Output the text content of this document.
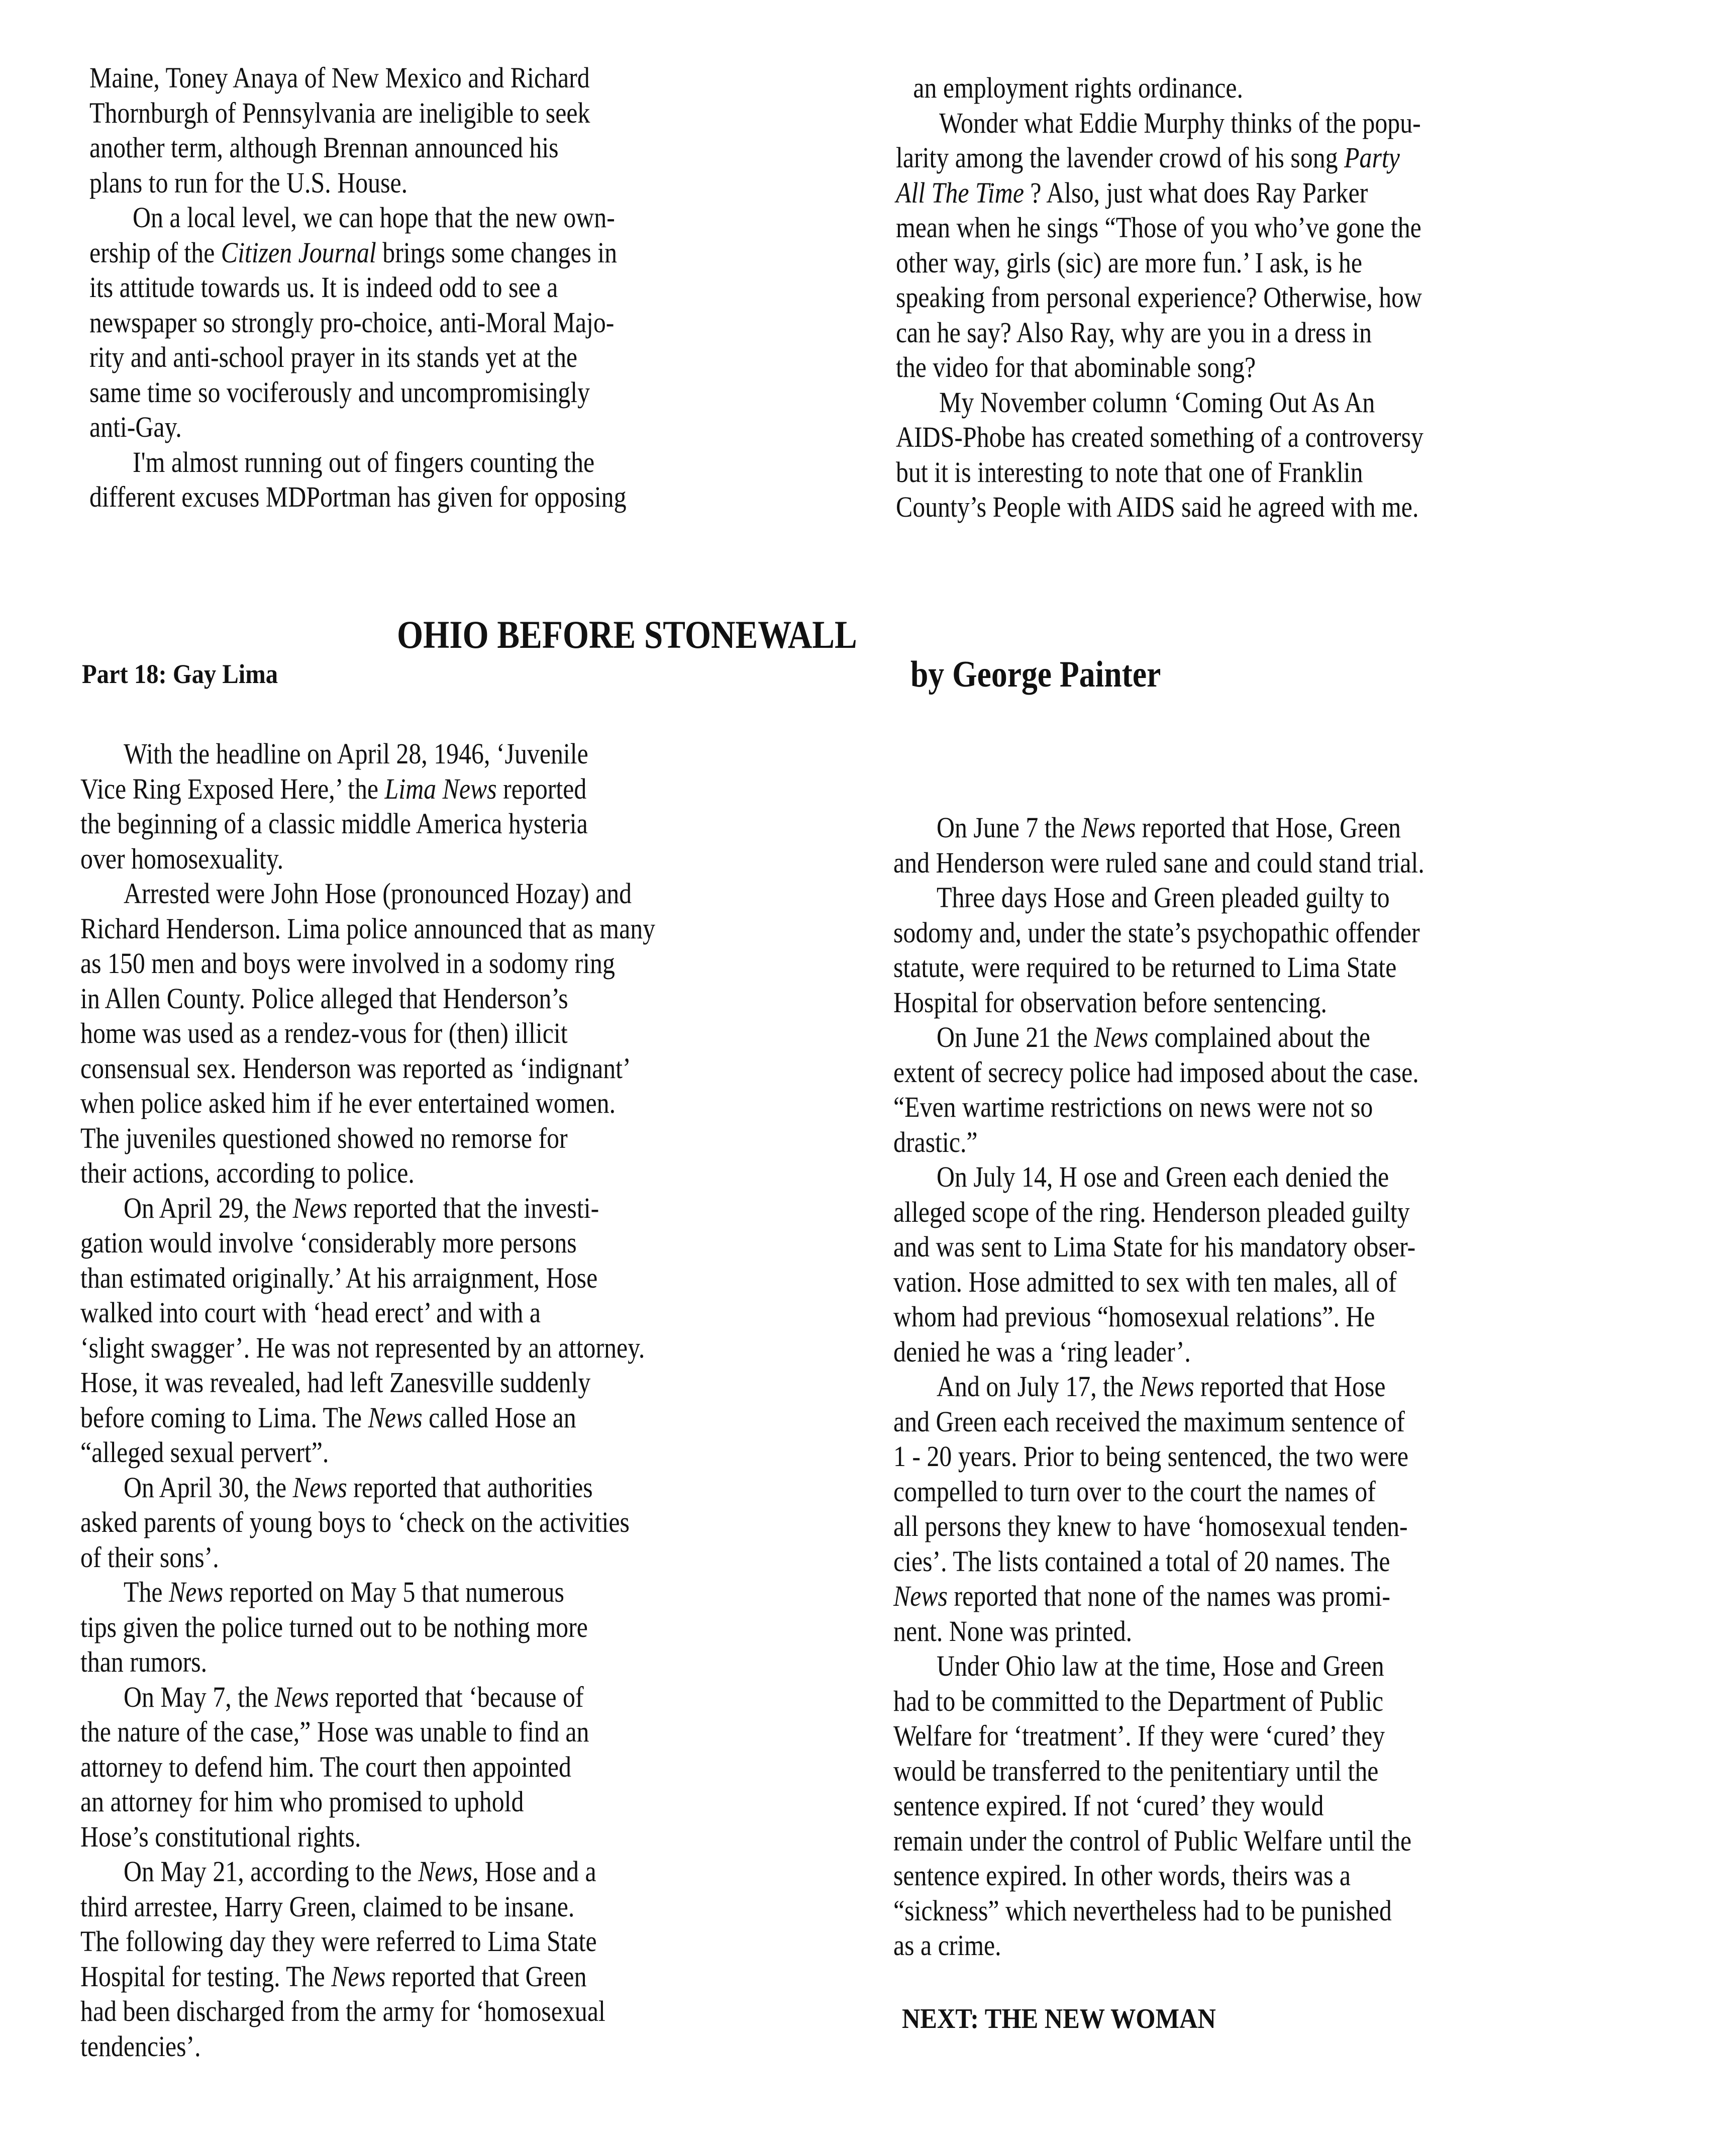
Maine, Toney Anaya of New Mexico and Richard
Thornburgh of Pennsylvania are ineligible to seek
another term, although Brennan announced his
plans to run for the U.S. House.
On a local level, we can hope that the new own-
ership of the Citizen Journal brings some changes in
its attitude towards us. It is indeed odd to see a
newspaper so strongly pro-choice, anti-Moral Majo-
rity and anti-school prayer in its stands yet at the
same time so vociferously and uncompromisingly
anti-Gay.
I'm almost running out of fingers counting the
different excuses MDPortman has given for opposing
an employment rights ordinance.
Wonder what Eddie Murphy thinks of the popu-
larity among the lavender crowd of his song Party
All The Time ? Also, just what does Ray Parker
mean when he sings “Those of you who’ve gone the
other way, girls (sic) are more fun.’ I ask, is he
speaking from personal experience? Otherwise, how
can he say? Also Ray, why are you in a dress in
the video for that abominable song?
My November column ‘Coming Out As An
AIDS-Phobe has created something of a controversy
but it is interesting to note that one of Franklin
County’s People with AIDS said he agreed with me.
OHIO BEFORE STONEWALL
Part 18: Gay Lima	by George Painter
With the headline on April 28, 1946, ‘Juvenile
Vice Ring Exposed Here,’ the Lima News reported
the beginning of a classic middle America hysteria
over homosexuality.
Arrested were John Hose (pronounced Hozay) and
Richard Henderson. Lima police announced that as many
as 150 men and boys were involved in a sodomy ring
in Allen County. Police alleged that Henderson’s
home was used as a rendez-vous for (then) illicit
consensual sex. Henderson was reported as ‘indignant’
when police asked him if he ever entertained women.
The juveniles questioned showed no remorse for
their actions, according to police.
On April 29, the News reported that the investi-
gation would involve ‘considerably more persons
than estimated originally.’ At his arraignment, Hose
walked into court with ‘head erect’ and with a
‘slight swagger’. He was not represented by an attorney.
Hose, it was revealed, had left Zanesville suddenly
before coming to Lima. The News called Hose an
“alleged sexual pervert”.
On April 30, the News reported that authorities
asked parents of young boys to ‘check on the activities
of their sons’.
The News reported on May 5 that numerous
tips given the police turned out to be nothing more
than rumors.
On May 7, the News reported that ‘because of
the nature of the case,” Hose was unable to find an
attorney to defend him. The court then appointed
an attorney for him who promised to uphold
Hose’s constitutional rights.
On May 21, according to the News, Hose and a
third arrestee, Harry Green, claimed to be insane.
The following day they were referred to Lima State
Hospital for testing. The News reported that Green
had been discharged from the army for ‘homosexual
tendencies’.
On June 7 the News reported that Hose, Green
and Henderson were ruled sane and could stand trial.
Three days Hose and Green pleaded guilty to
sodomy and, under the state’s psychopathic offender
statute, were required to be returned to Lima State
Hospital for observation before sentencing.
On June 21 the News complained about the
extent of secrecy police had imposed about the case.
“Even wartime restrictions on news were not so
drastic.”
On July 14, H ose and Green each denied the
alleged scope of the ring. Henderson pleaded guilty
and was sent to Lima State for his mandatory obser-
vation. Hose admitted to sex with ten males, all of
whom had previous “homosexual relations”. He
denied he was a ‘ring leader’.
And on July 17, the News reported that Hose
and Green each received the maximum sentence of
1 - 20 years. Prior to being sentenced, the two were
compelled to turn over to the court the names of
all persons they knew to have ‘homosexual tenden-
cies’. The lists contained a total of 20 names. The
News reported that none of the names was promi-
nent. None was printed.
Under Ohio law at the time, Hose and Green
had to be committed to the Department of Public
Welfare for ‘treatment’. If they were ‘cured’ they
would be transferred to the penitentiary until the
sentence expired. If not ‘cured’ they would
remain under the control of Public Welfare until the
sentence expired. In other words, theirs was a
“sickness” which nevertheless had to be punished
as a crime.
NEXT: THE NEW WOMAN
